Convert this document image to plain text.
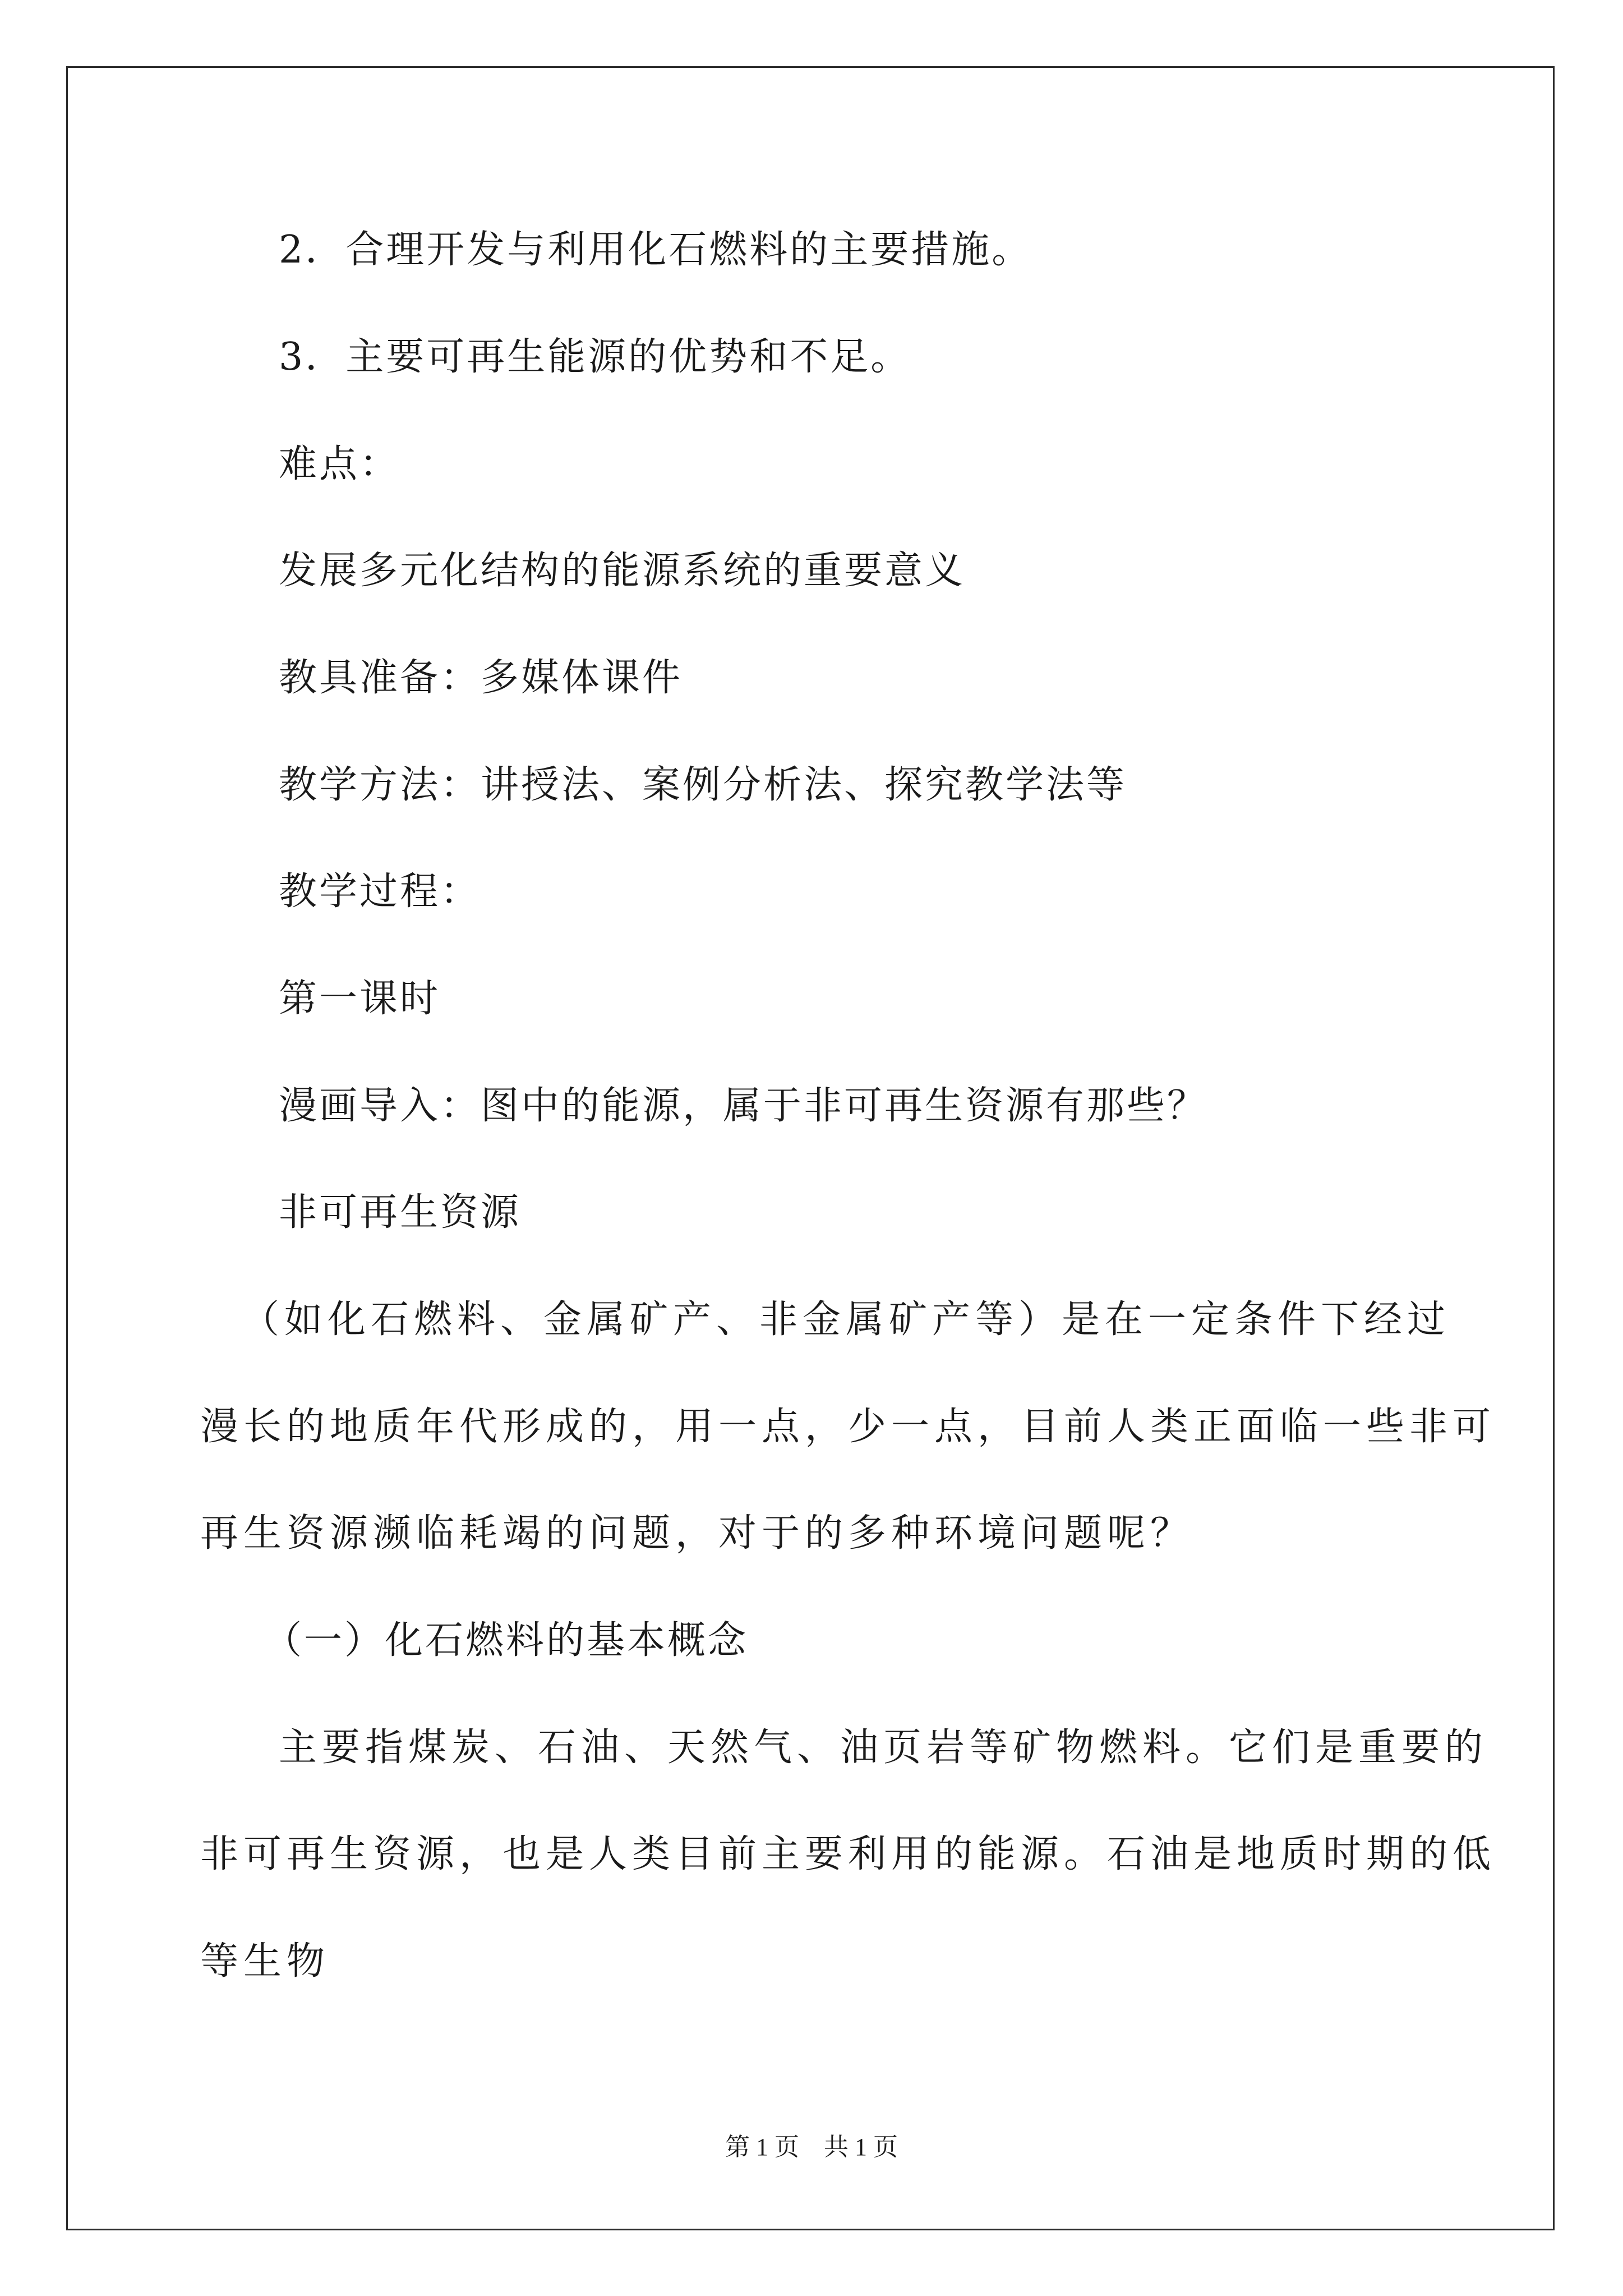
2．合理开发与利用化石燃料的主要措施。
3．主要可再生能源的优势和不足。
难点：
发展多元化结构的能源系统的重要意义
教具准备：多媒体课件
教学方法：讲授法、案例分析法、探究教学法等
教学过程：
第一课时
漫画导入：图中的能源，属于非可再生资源有那些？
非可再生资源
（如化石燃料、金属矿产、非金属矿产等）是在一定条件下经过
漫长的地质年代形成的，用一点，少一点，目前人类正面临一些非可
再生资源濒临耗竭的问题，对于的多种环境问题呢？
（一）化石燃料的基本概念
主要指煤炭、石油、天然气、油页岩等矿物燃料。它们是重要的
非可再生资源，也是人类目前主要利用的能源。石油是地质时期的低
等生物
第 1 页　共 1 页
